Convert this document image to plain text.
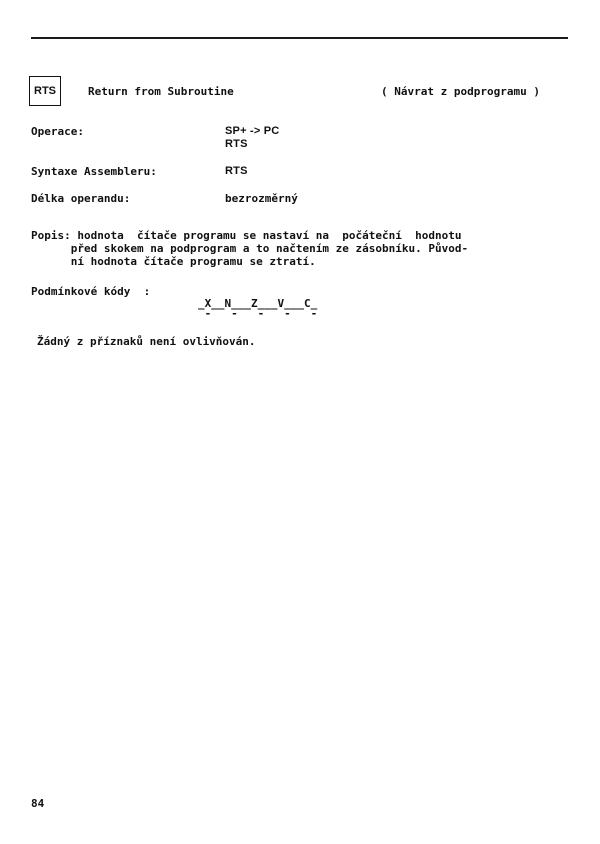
RTS	Return from Subroutine	( Návrat z podprogramu )
Operace:	SP+ -> PC
RTS
Syntaxe Assembleru:	RTS
Délka operandu:	bezrozměrný
Popis: hodnota  čítače programu se nastaví na  počáteční  hodnotu
před skokem na podprogram a to načtením ze zásobníku. Původ-
ní hodnota čítače programu se ztratí.
Podmínkové kódy  :
_X__N___Z___V___C_
-   -   -   -   -
Žádný z příznaků není ovlivňován.
84
